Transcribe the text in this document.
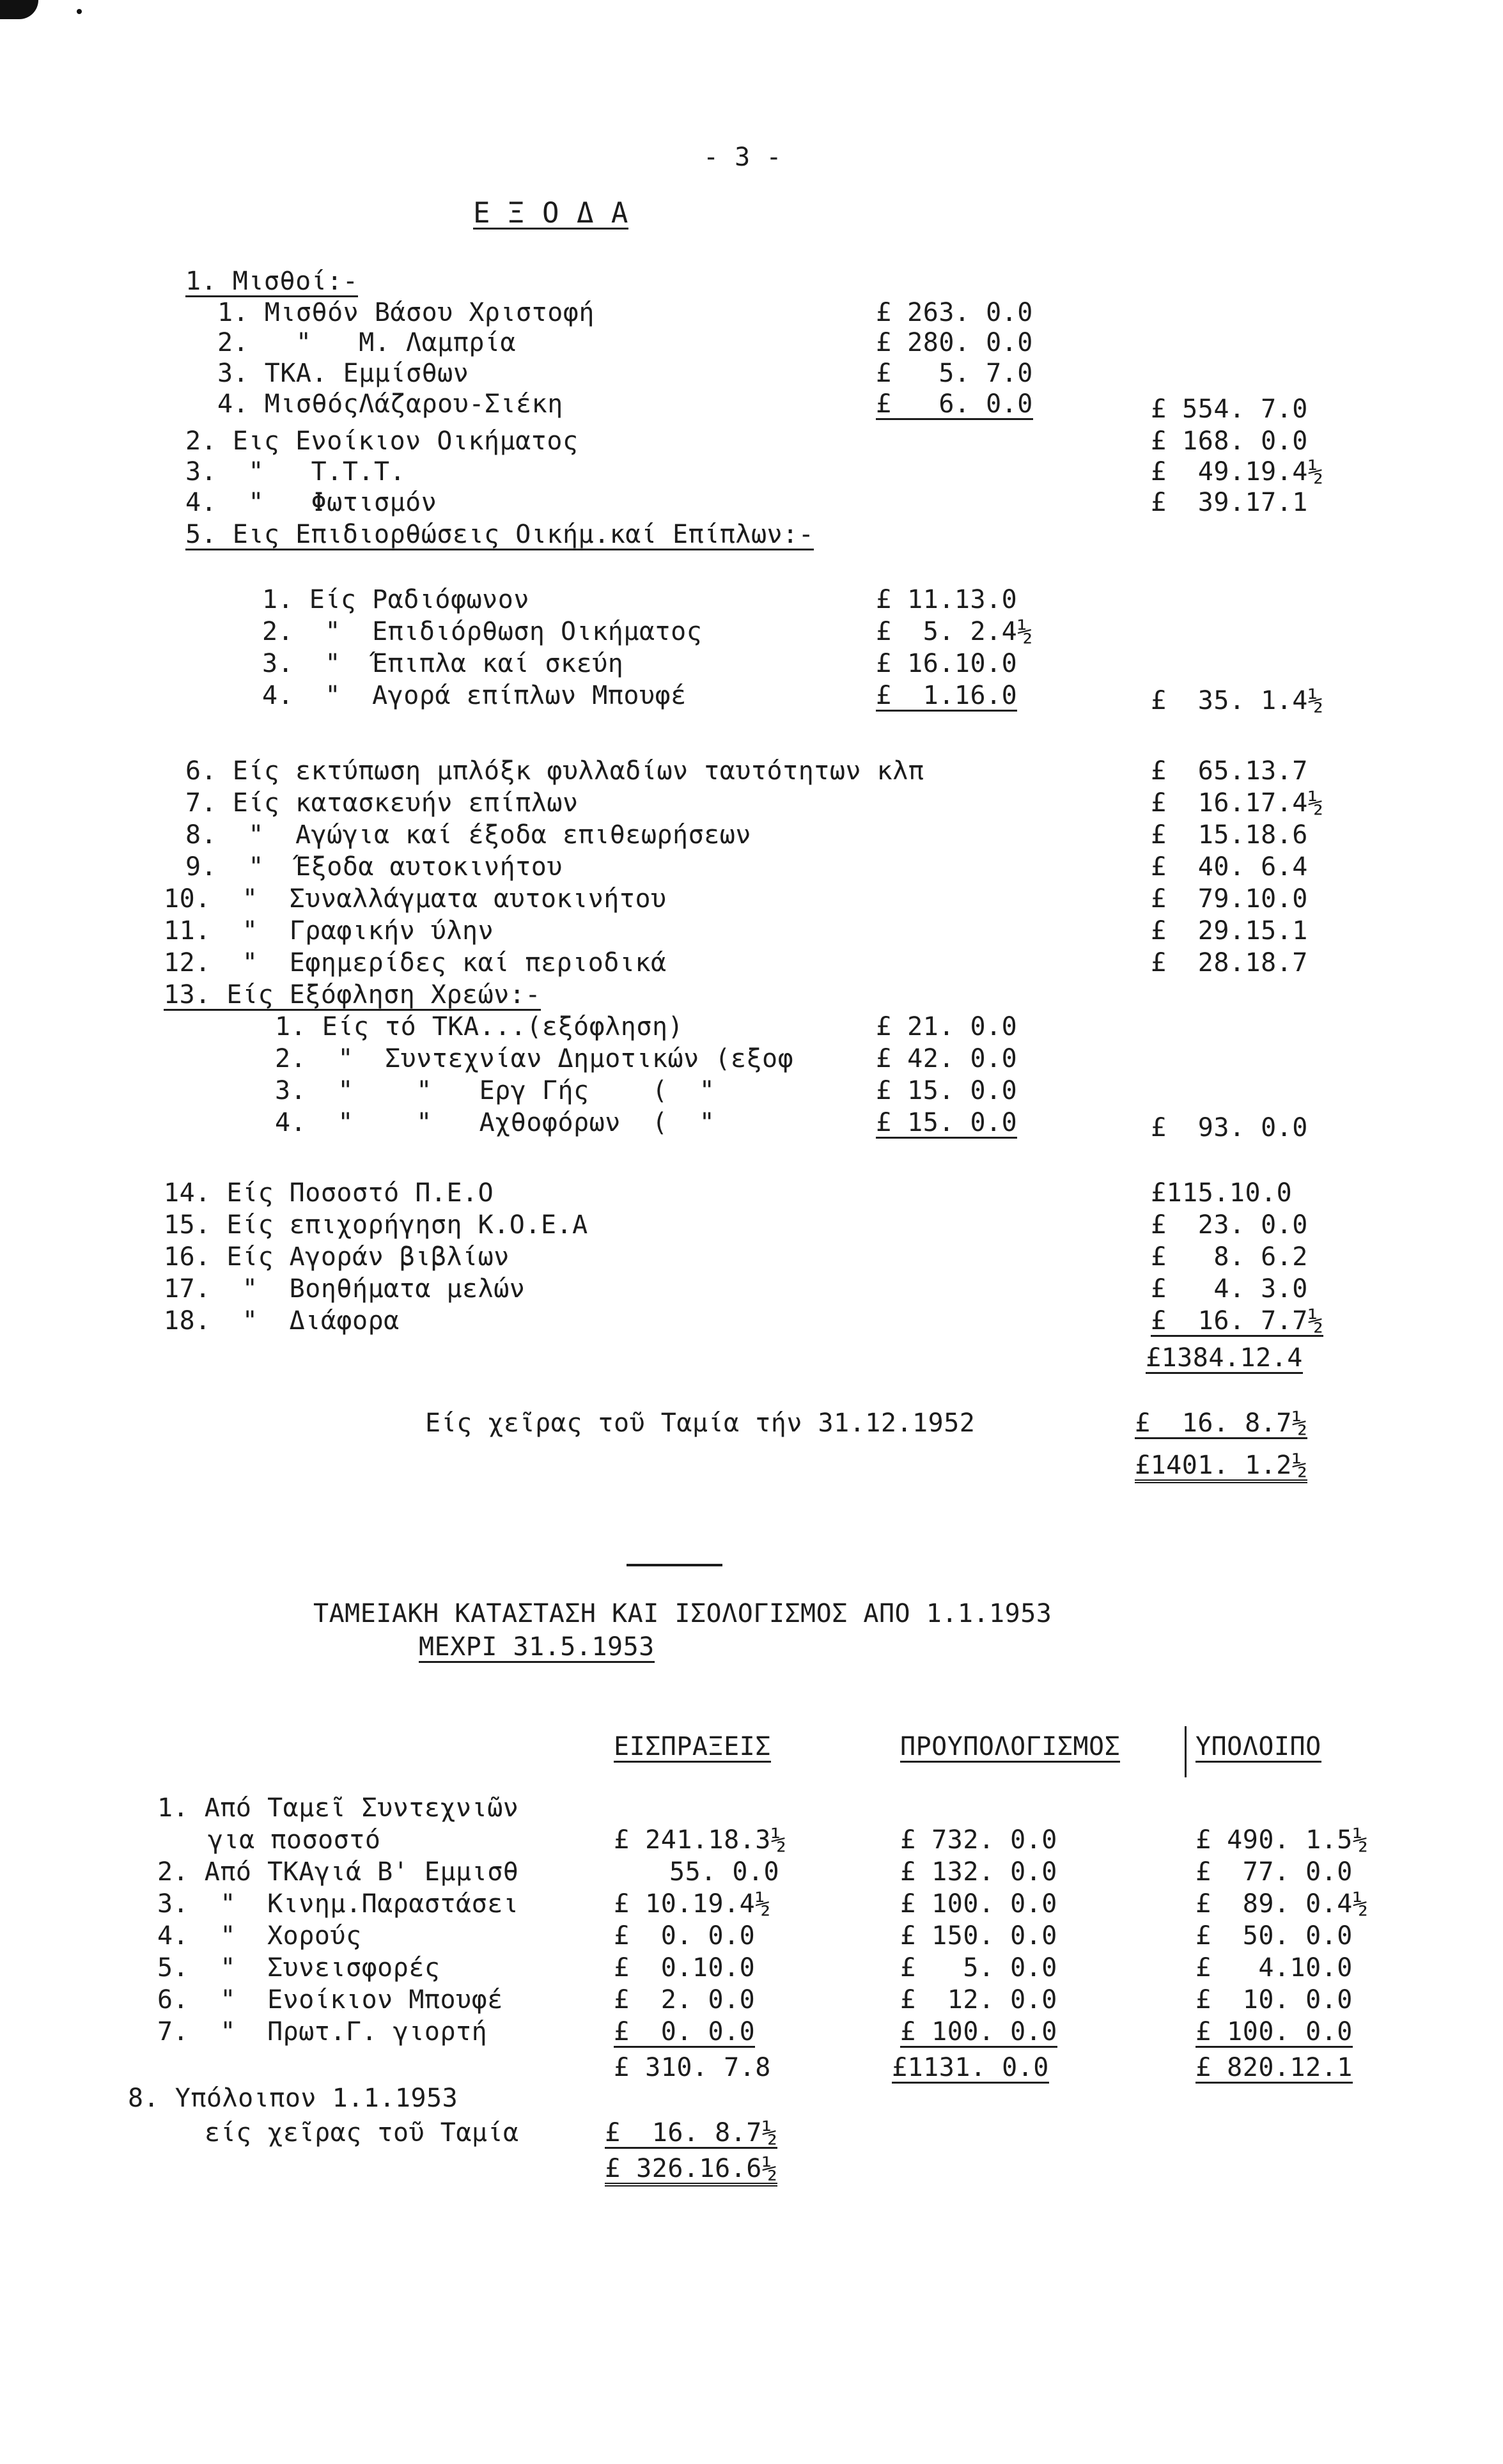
- 3 -
Ε Ξ Ο Δ Α
1. Μισθοί:-
1. Μισθόν Βάσου Χριστοφή	£ 263. 0.0
2.   "   Μ. Λαμπρία	£ 280. 0.0
3. ΤΚΑ. Εμμίσθων	£   5. 7.0
4. ΜισθόςΛάζαρου-Σιέκη	£   6. 0.0	£ 554. 7.0
2. Εις Ενοίκιον Οικήματος	£ 168. 0.0
3.  "   Τ.Τ.Τ.	£  49.19.4½
4.  "   Φωτισμόν	£  39.17.1
5. Εις Επιδιορθώσεις Οικήμ.καί Επίπλων:-
1. Είς Ραδιόφωνον	£ 11.13.0
2.  "  Επιδιόρθωση Οικήματος	£  5. 2.4½
3.  "  Έπιπλα καί σκεύη	£ 16.10.0
4.  "  Αγορά επίπλων Μπουφέ	£  1.16.0	£  35. 1.4½
6. Είς εκτύπωση μπλόξκ φυλλαδίων ταυτότητων κλπ	£  65.13.7
7. Είς κατασκευήν επίπλων	£  16.17.4½
8.  "  Αγώγια καί έξοδα επιθεωρήσεων	£  15.18.6
9.  "  Έξοδα αυτοκινήτου	£  40. 6.4
10.  "  Συναλλάγματα αυτοκινήτου	£  79.10.0
11.  "  Γραφικήν ύλην	£  29.15.1
12.  "  Εφημερίδες καί περιοδικά	£  28.18.7
13. Είς Εξόφληση Χρεών:-
1. Είς τό ΤΚΑ...(εξόφληση)	£ 21. 0.0
2.  "  Συντεχνίαν Δημοτικών (εξοφ	£ 42. 0.0
3.  "    "   Εργ Γής    (  "	£ 15. 0.0
4.  "    "   Αχθοφόρων  (  "	£ 15. 0.0	£  93. 0.0
14. Είς Ποσοστό Π.Ε.Ο	£115.10.0
15. Είς επιχορήγηση Κ.Ο.Ε.Α	£  23. 0.0
16. Είς Αγοράν βιβλίων	£   8. 6.2
17.  "  Βοηθήματα μελών	£   4. 3.0
18.  "  Διάφορα	£  16. 7.7½
£1384.12.4
Είς χεῖρας τοῦ Ταμία τήν 31.12.1952	£  16. 8.7½
£1401. 1.2½
ΤΑΜΕΙΑΚΗ ΚΑΤΑΣΤΑΣΗ ΚΑΙ ΙΣΟΛΟΓΙΣΜΟΣ ΑΠΟ 1.1.1953
ΜΕΧΡΙ 31.5.1953
ΕΙΣΠΡΑΞΕΙΣ	ΠΡΟΥΠΟΛΟΓΙΣΜΟΣ	ΥΠΟΛΟΙΠΟ
1. Από Ταμεῖ Συντεχνιῶν
για ποσοστό	£ 241.18.3½	£ 732. 0.0	£ 490. 1.5½
2. Από ΤΚΑγιά Β' Εμμισθ	55. 0.0	£ 132. 0.0	£  77. 0.0
3.  "  Κινημ.Παραστάσει	£ 10.19.4½	£ 100. 0.0	£  89. 0.4½
4.  "  Χορούς	£  0. 0.0	£ 150. 0.0	£  50. 0.0
5.  "  Συνεισφορές	£  0.10.0	£   5. 0.0	£   4.10.0
6.  "  Ενοίκιον Μπουφέ	£  2. 0.0	£  12. 0.0	£  10. 0.0
7.  "  Πρωτ.Γ. γιορτή	£  0. 0.0	£ 100. 0.0	£ 100. 0.0
£ 310. 7.8	£1131. 0.0	£ 820.12.1
8. Υπόλοιπον 1.1.1953
είς χεῖρας τοῦ Ταμία	£  16. 8.7½
£ 326.16.6½
